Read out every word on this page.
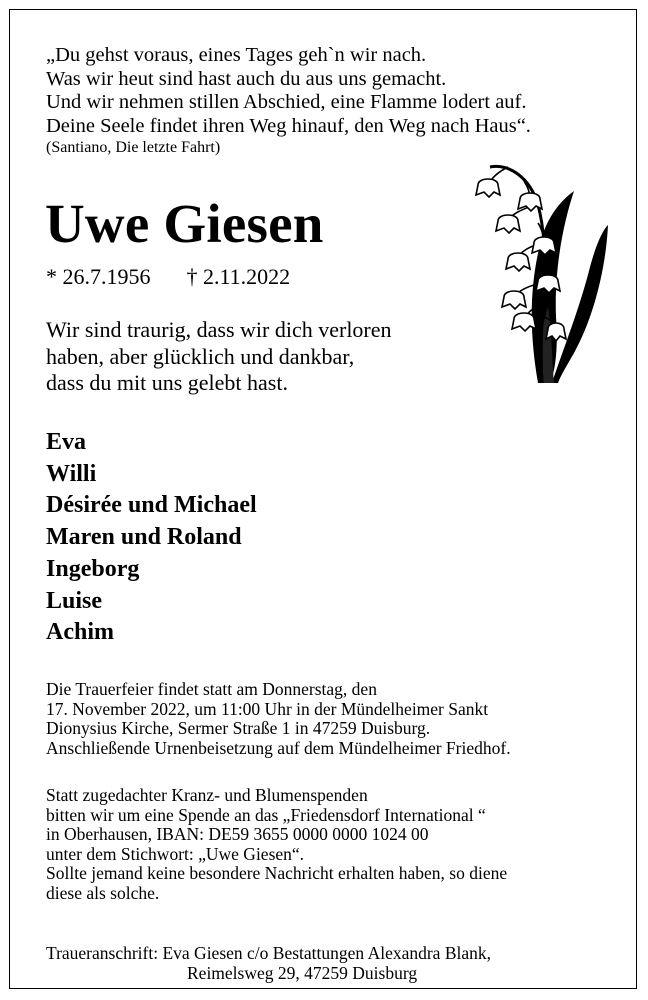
„Du gehst voraus, eines Tages geh`n wir nach.
Was wir heut sind hast auch du aus uns gemacht.
Und wir nehmen stillen Abschied, eine Flamme lodert auf.
Deine Seele findet ihren Weg hinauf, den Weg nach Haus“.
(Santiano, Die letzte Fahrt)
Uwe Giesen
* 26.7.1956 † 2.11.2022
Wir sind traurig, dass wir dich verloren
haben, aber glücklich und dankbar,
dass du mit uns gelebt hast.
Eva
Willi
Désirée und Michael
Maren und Roland
Ingeborg
Luise
Achim
Die Trauerfeier findet statt am Donnerstag, den
17. November 2022, um 11:00 Uhr in der Mündelheimer Sankt
Dionysius Kirche, Sermer Straße 1 in 47259 Duisburg.
Anschließende Urnenbeisetzung auf dem Mündelheimer Friedhof.
Statt zugedachter Kranz- und Blumenspenden
bitten wir um eine Spende an das „Friedensdorf International “
in Oberhausen, IBAN: DE59 3655 0000 0000 1024 00
unter dem Stichwort: „Uwe Giesen“.
Sollte jemand keine besondere Nachricht erhalten haben, so diene
diese als solche.
Traueranschrift: Eva Giesen c/o Bestattungen Alexandra Blank,
Reimelsweg 29, 47259 Duisburg
